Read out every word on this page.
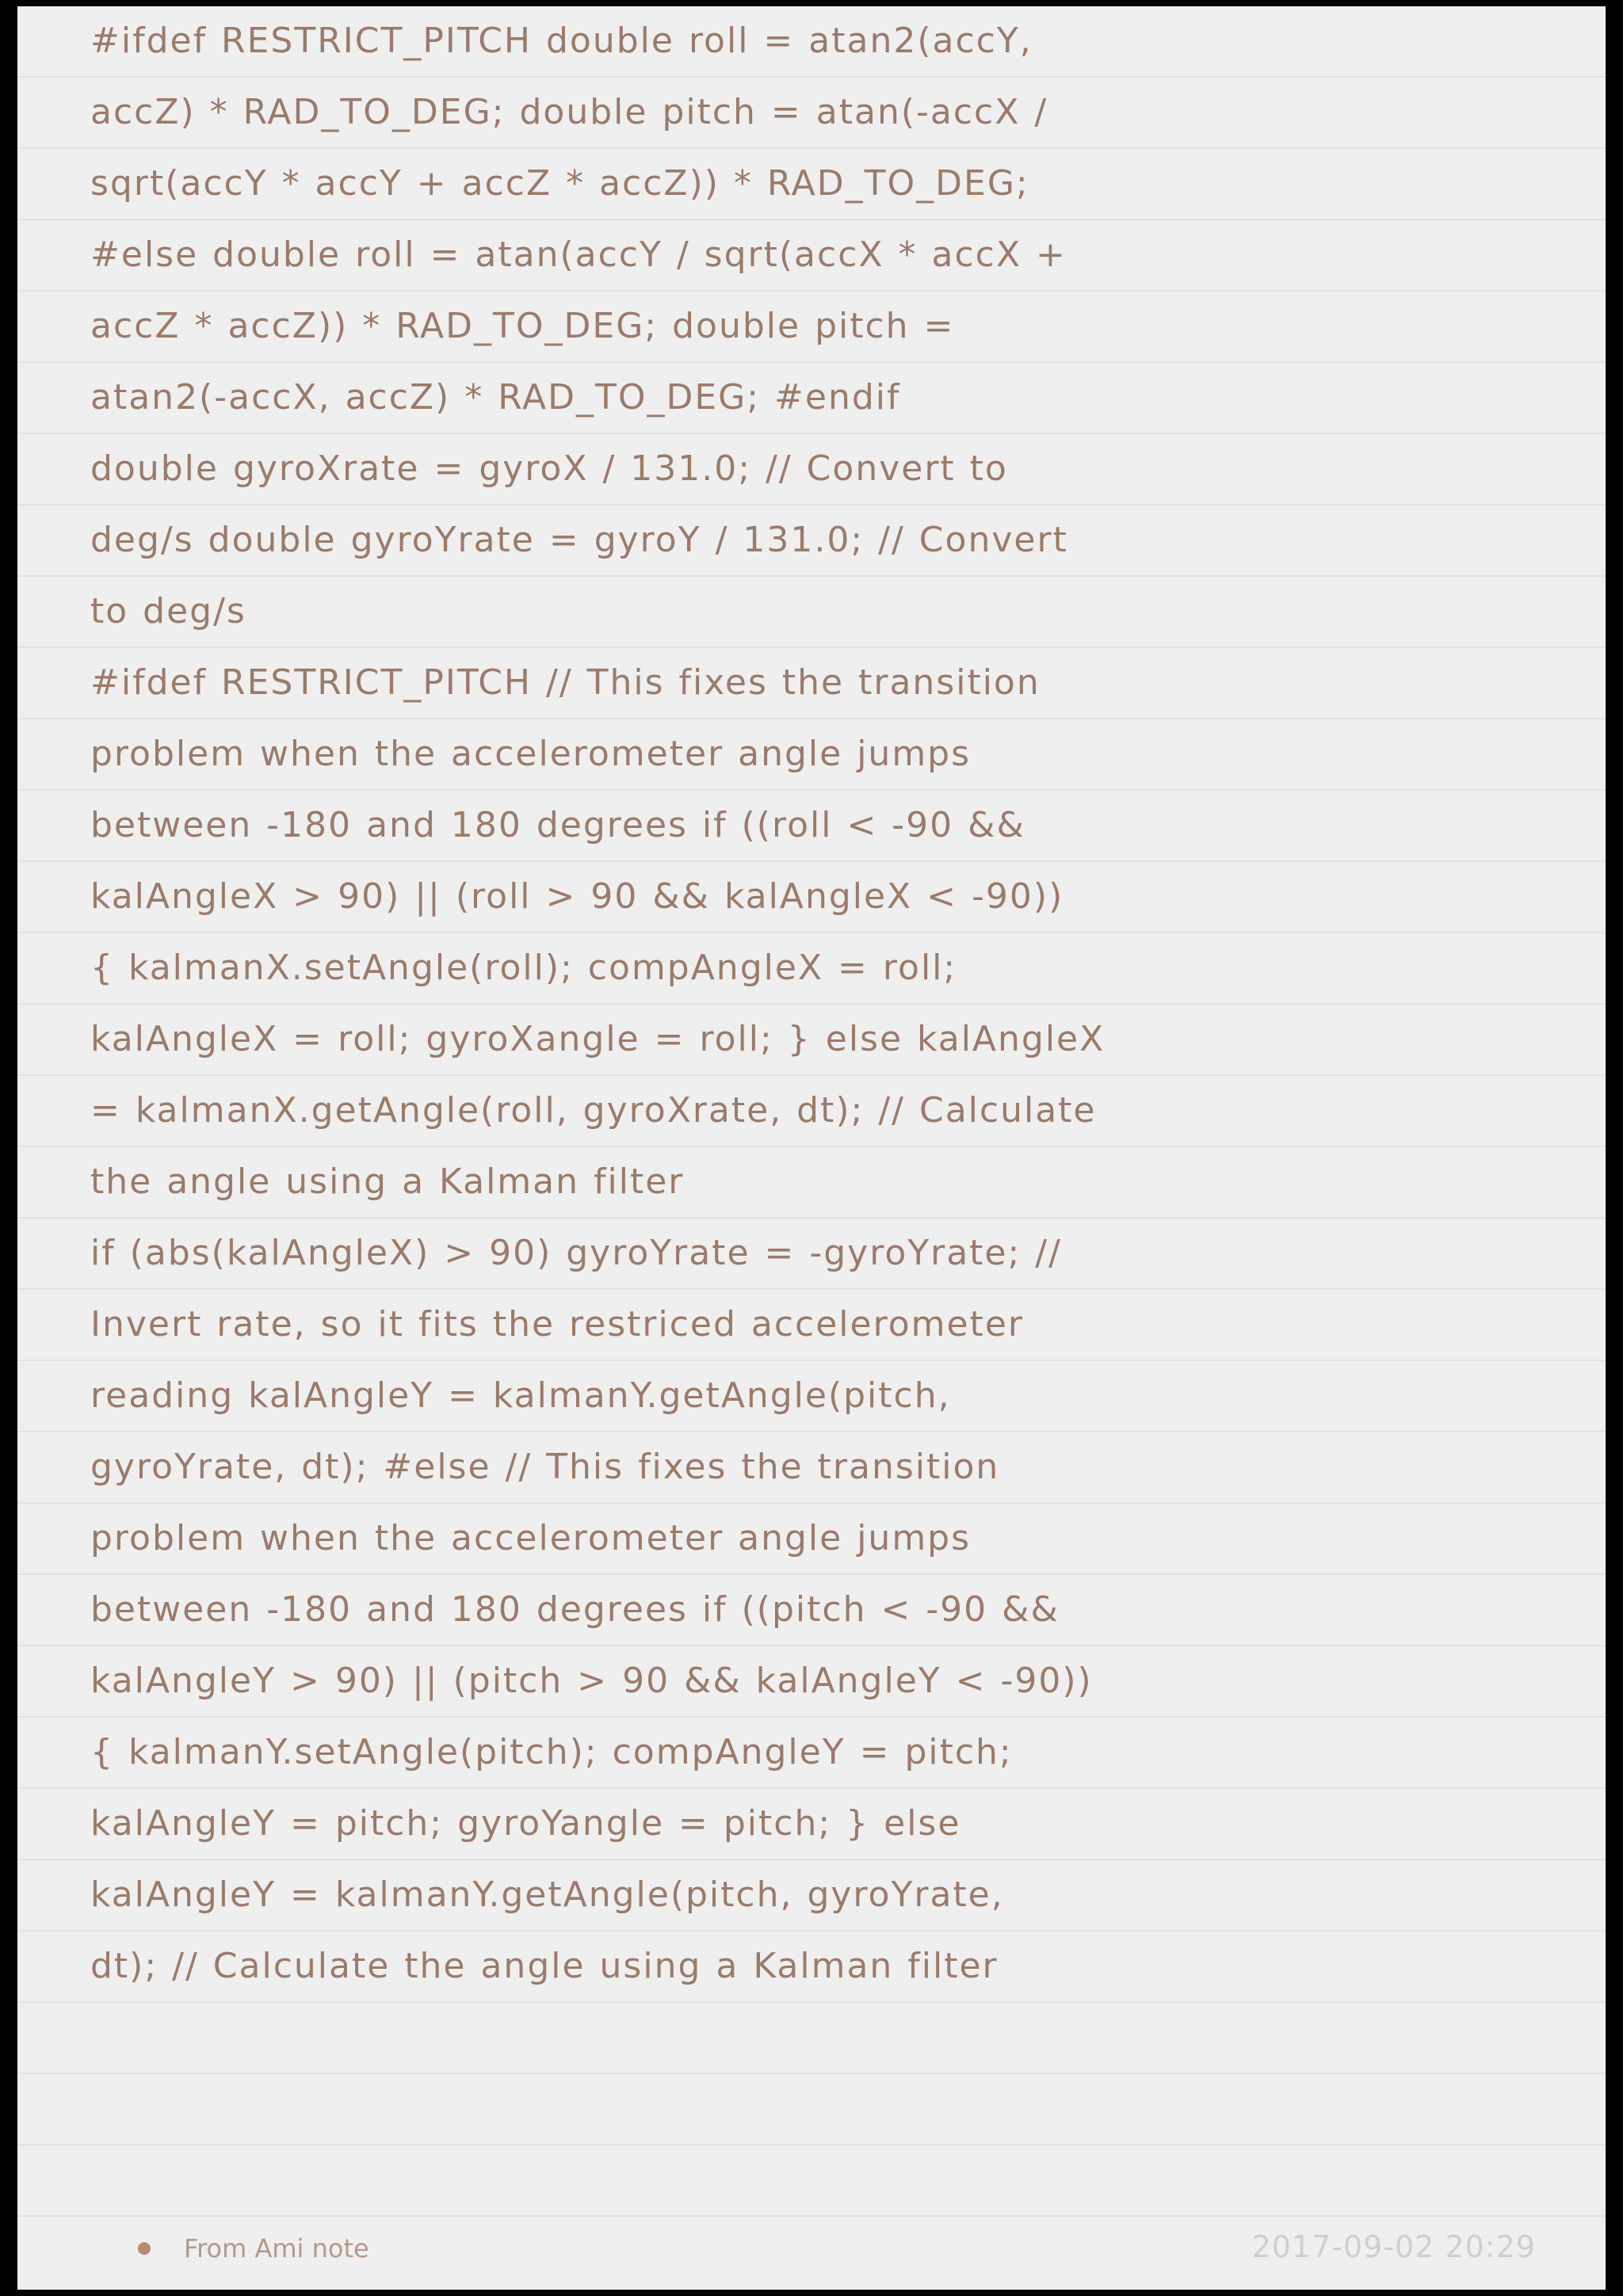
#ifdef RESTRICT_PITCH double roll = atan2(accY,
accZ) * RAD_TO_DEG; double pitch = atan(-accX /
sqrt(accY * accY + accZ * accZ)) * RAD_TO_DEG;
#else double roll = atan(accY / sqrt(accX * accX +
accZ * accZ)) * RAD_TO_DEG; double pitch =
atan2(-accX, accZ) * RAD_TO_DEG; #endif
double gyroXrate = gyroX / 131.0; // Convert to
deg/s double gyroYrate = gyroY / 131.0; // Convert
to deg/s
#ifdef RESTRICT_PITCH // This fixes the transition
problem when the accelerometer angle jumps
between -180 and 180 degrees if ((roll < -90 &&
kalAngleX > 90) || (roll > 90 && kalAngleX < -90))
{ kalmanX.setAngle(roll); compAngleX = roll;
kalAngleX = roll; gyroXangle = roll; } else kalAngleX
= kalmanX.getAngle(roll, gyroXrate, dt); // Calculate
the angle using a Kalman filter
if (abs(kalAngleX) > 90) gyroYrate = -gyroYrate; //
Invert rate, so it fits the restriced accelerometer
reading kalAngleY = kalmanY.getAngle(pitch,
gyroYrate, dt); #else // This fixes the transition
problem when the accelerometer angle jumps
between -180 and 180 degrees if ((pitch < -90 &&
kalAngleY > 90) || (pitch > 90 && kalAngleY < -90))
{ kalmanY.setAngle(pitch); compAngleY = pitch;
kalAngleY = pitch; gyroYangle = pitch; } else
kalAngleY = kalmanY.getAngle(pitch, gyroYrate,
dt); // Calculate the angle using a Kalman filter
From Ami note	2017-09-02 20:29
